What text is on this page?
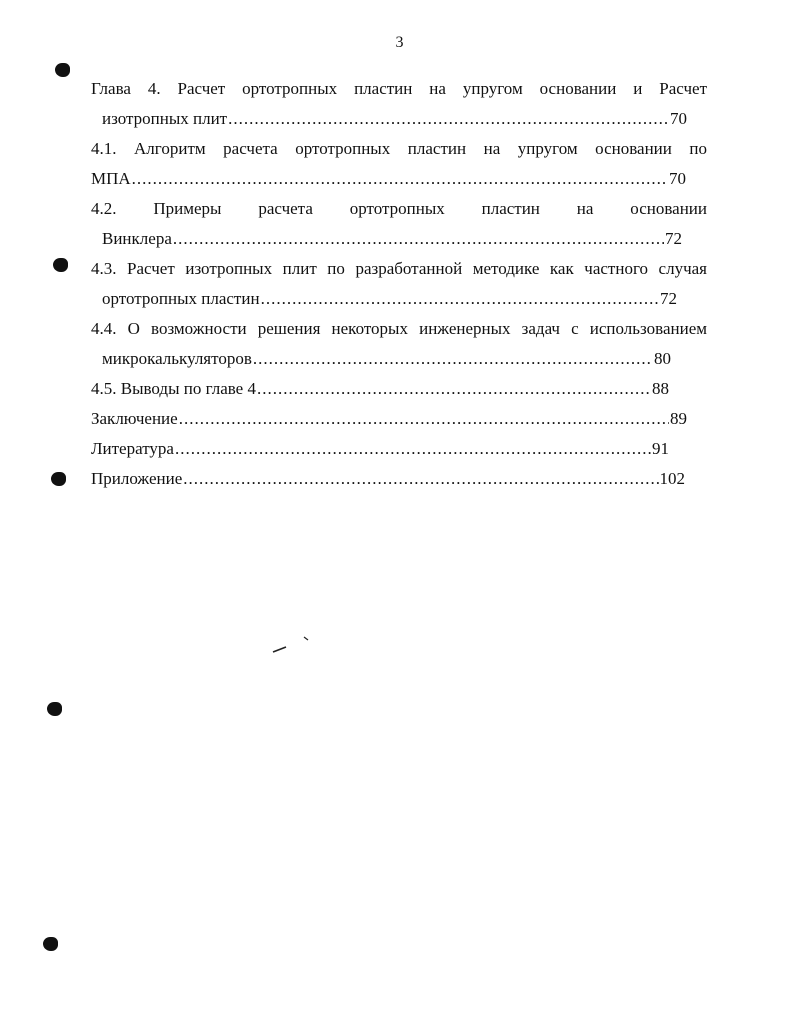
3
Глава 4. Расчет ортотропных пластин на упругом основании и Расчет
изотропных плит .....	70
4.1. Алгоритм расчета ортотропных пластин на упругом основании по
МПА .....	70
4.2. Примеры расчета ортотропных пластин на основании
Винклера .....	72
4.3. Расчет изотропных плит по разработанной методике как частного случая
ортотропных пластин .....	72
4.4. О возможности решения некоторых инженерных задач с использованием
микрокалькуляторов .....	80
4.5. Выводы по главе 4 .....	88
Заключение .....	89
Литература .....	91
Приложение .....	102
